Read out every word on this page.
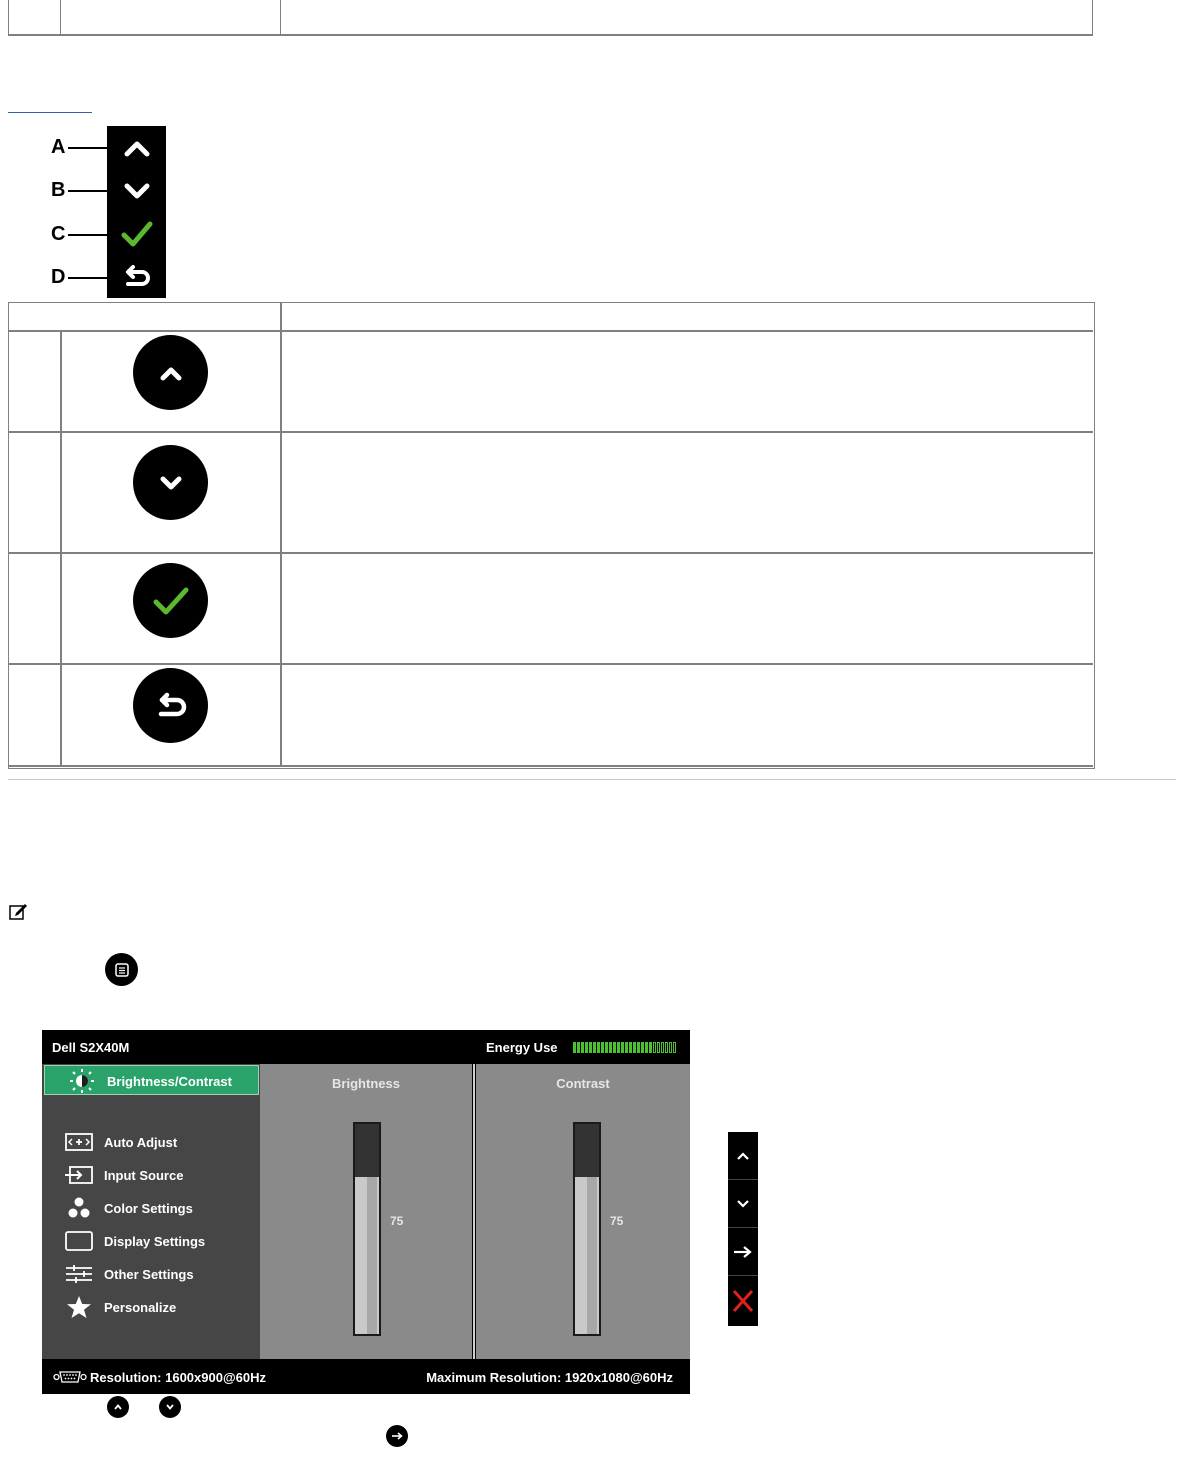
A
B
C
D
Dell S2X40M	Energy Use
Brightness/Contrast
Auto Adjust
Input Source
Color Settings
Display Settings
Other Settings
Personalize
Brightness
75
Contrast
75
Resolution: 1600x900@60Hz	Maximum Resolution: 1920x1080@60Hz
